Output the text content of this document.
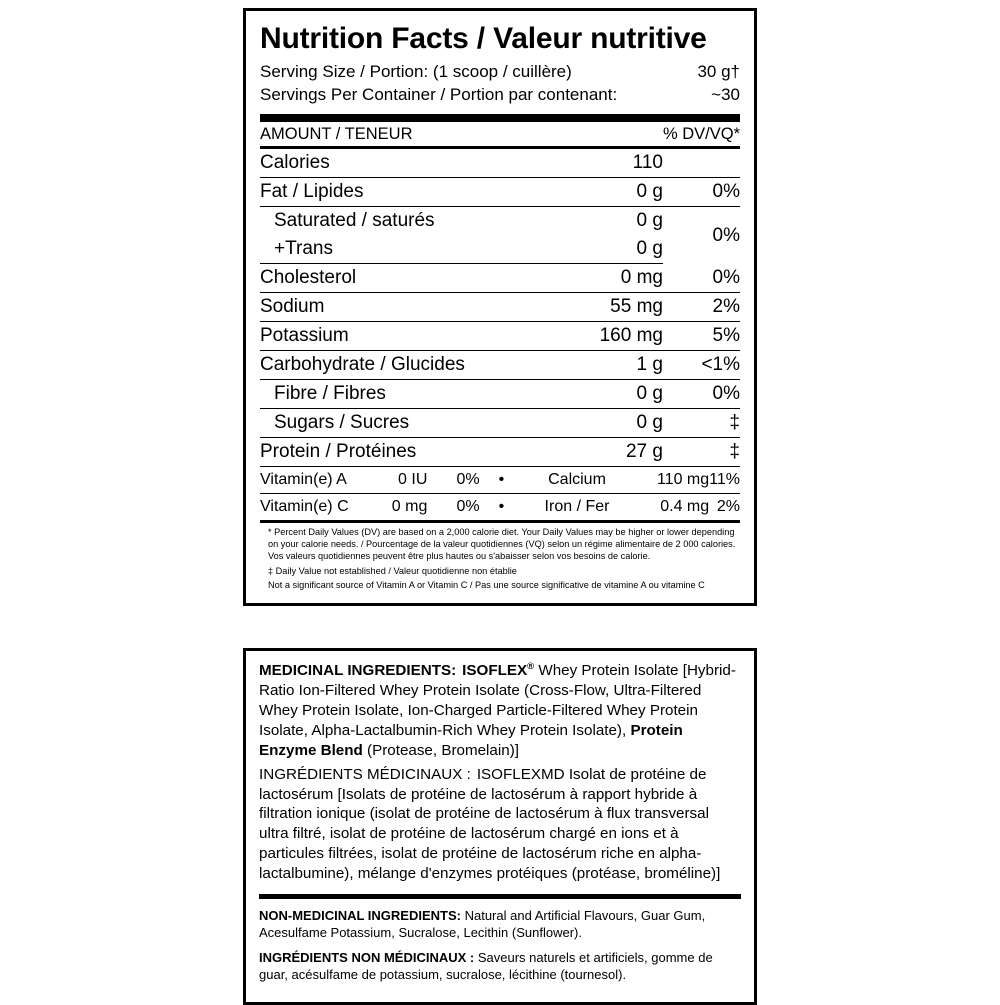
Nutrition Facts / Valeur nutritive
Serving Size / Portion: (1 scoop / cuillère)	30 g†
Servings Per Container / Portion par contenant:	~30
AMOUNT / TENEUR		% DV/VQ*
Calories	110	
Fat / Lipides	0 g	0%
Saturated / saturés	0 g	0%
+Trans	0 g	
Cholesterol	0 mg	0%
Sodium	55 mg	2%
Potassium	160 mg	5%
Carbohydrate / Glucides	1 g	<1%
Fibre / Fibres	0 g	0%
Sugars / Sucres	0 g	‡
Protein / Protéines	27 g	‡
Vitamin(e) A	0 IU	0%	•	Calcium	110 mg	11%
Vitamin(e) C	0 mg	0%	•	Iron / Fer	0.4 mg	2%

* Percent Daily Values (DV) are based on a 2,000 calorie diet. Your Daily Values may be higher or lower depending on your calorie needs. / Pourcentage de la valeur quotidiennes (VQ) selon un régime alimentaire de 2 000 calories. Vos valeurs quotidiennes peuvent être plus hautes ou s'abaisser selon vos besoins de calorie.

‡ Daily Value not established / Valeur quotidienne non établie

Not a significant source of Vitamin A or Vitamin C / Pas une source significative de vitamine A ou vitamine C

MEDICINAL INGREDIENTS: ISOFLEX® Whey Protein Isolate [Hybrid-Ratio Ion-Filtered Whey Protein Isolate (Cross-Flow, Ultra-Filtered Whey Protein Isolate, Ion-Charged Particle-Filtered Whey Protein Isolate, Alpha-Lactalbumin-Rich Whey Protein Isolate), Protein Enzyme Blend (Protease, Bromelain)]

INGRÉDIENTS MÉDICINAUX : ISOFLEXMD Isolat de protéine de lactosérum [Isolats de protéine de lactosérum à rapport hybride à filtration ionique (isolat de protéine de lactosérum à flux transversal ultra filtré, isolat de protéine de lactosérum chargé en ions et à particules filtrées, isolat de protéine de lactosérum riche en alpha-lactalbumine), mélange d'enzymes protéiques (protéase, broméline)]

NON-MEDICINAL INGREDIENTS: Natural and Artificial Flavours, Guar Gum, Acesulfame Potassium, Sucralose, Lecithin (Sunflower).

INGRÉDIENTS NON MÉDICINAUX : Saveurs naturels et artificiels, gomme de guar, acésulfame de potassium, sucralose, lécithine (tournesol).
